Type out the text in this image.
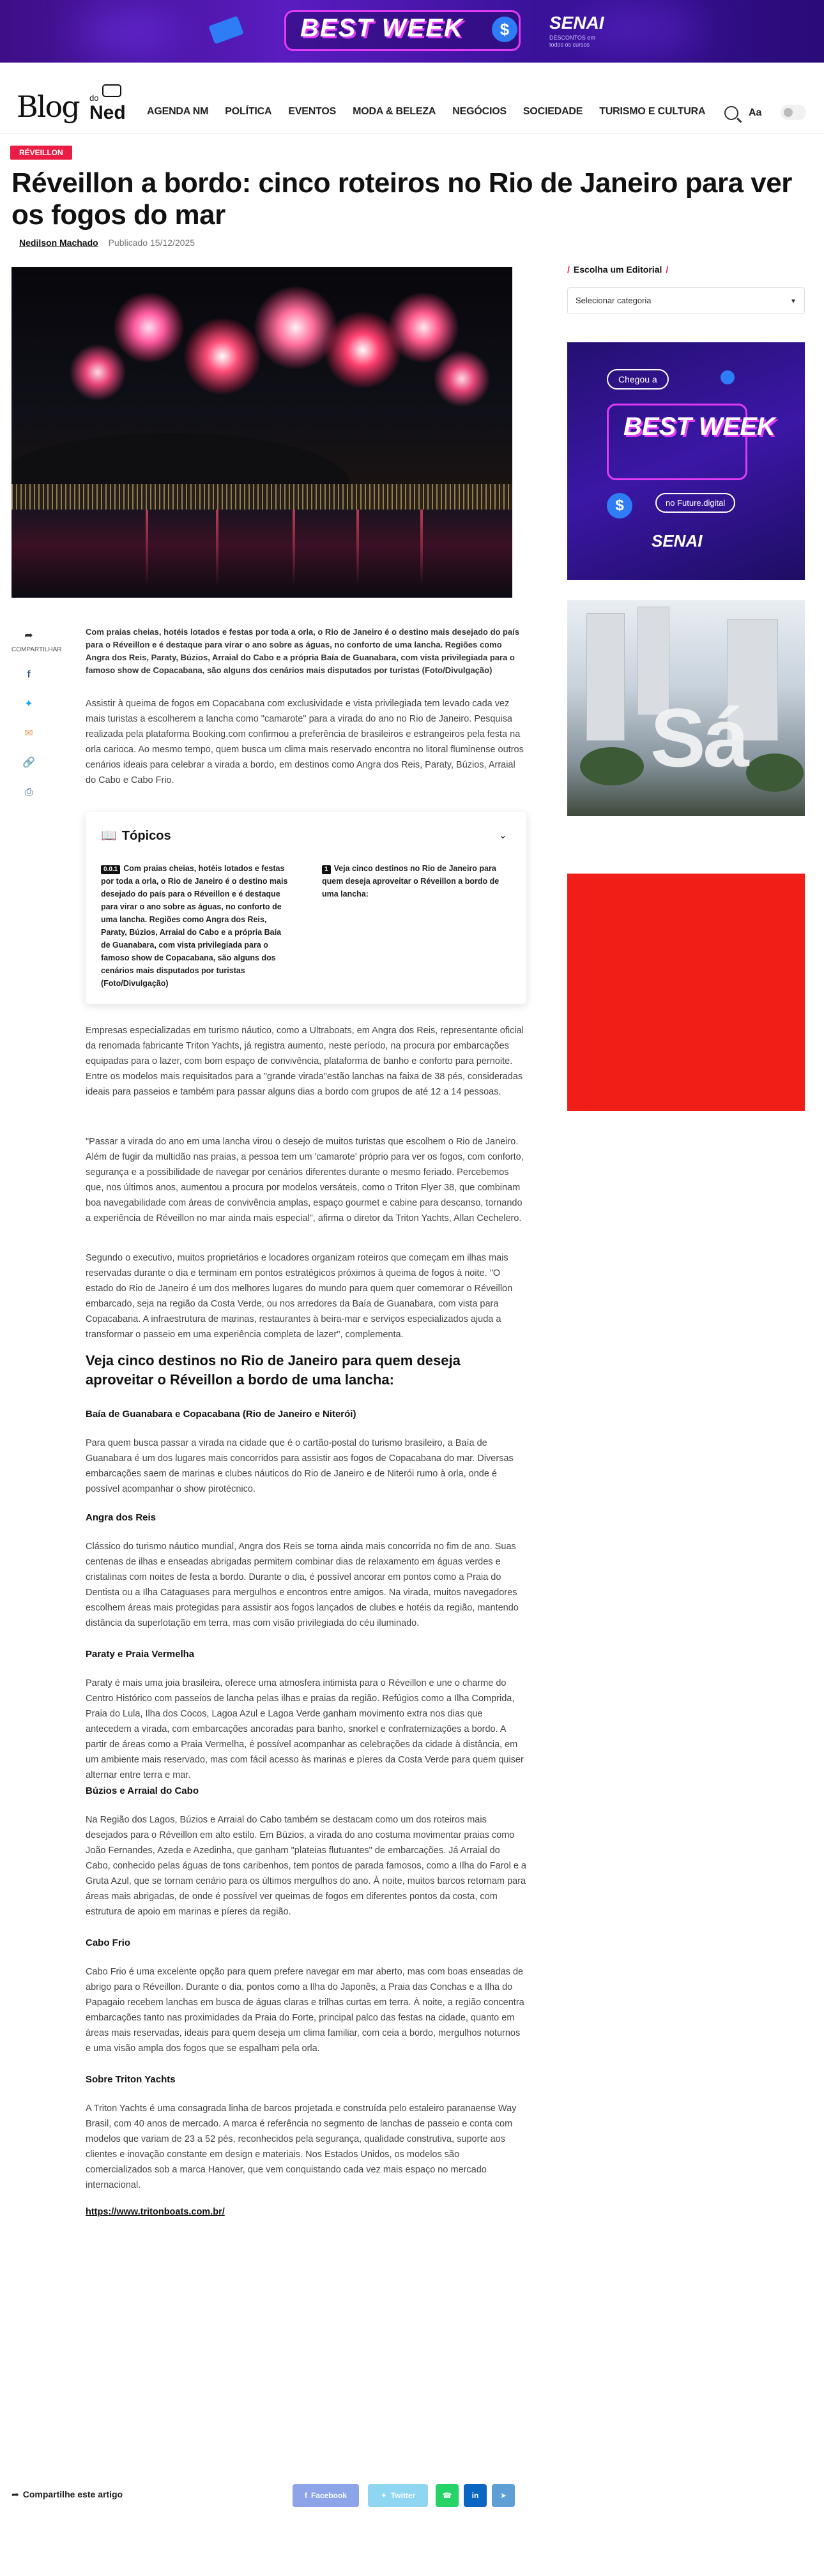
BEST WEEK	$	SENAI
DESCONTOS em todos os cursos
Blog do
Ned AGENDA NM POLÍTICA EVENTOS MODA & BELEZA NEGÓCIOS SOCIEDADE TURISMO E CULTURA	Aa
RÉVEILLON
Réveillon a bordo: cinco roteiros no Rio de Janeiro para ver os fogos do mar
Nedilson Machado Publicado 15/12/2025
➦
COMPARTILHAR
f
✦
✉
🔗
⎙

Com praias cheias, hotéis lotados e festas por toda a orla, o Rio de Janeiro é o destino mais desejado do país para o Réveillon e é destaque para virar o ano sobre as águas, no conforto de uma lancha. Regiões como Angra dos Reis, Paraty, Búzios, Arraial do Cabo e a própria Baía de Guanabara, com vista privilegiada para o famoso show de Copacabana, são alguns dos cenários mais disputados por turistas (Foto/Divulgação)

Assistir à queima de fogos em Copacabana com exclusividade e vista privilegiada tem levado cada vez mais turistas a escolherem a lancha como "camarote" para a virada do ano no Rio de Janeiro. Pesquisa realizada pela plataforma Booking.com confirmou a preferência de brasileiros e estrangeiros pela festa na orla carioca. Ao mesmo tempo, quem busca um clima mais reservado encontra no litoral fluminense outros cenários ideais para celebrar a virada a bordo, em destinos como Angra dos Reis, Paraty, Búzios, Arraial do Cabo e Cabo Frio.

📖 Tópicos	⌄
0.0.1 Com praias cheias, hotéis lotados e festas por toda a orla, o Rio de Janeiro é o destino mais desejado do país para o Réveillon e é destaque para virar o ano sobre as águas, no conforto de uma lancha. Regiões como Angra dos Reis, Paraty, Búzios, Arraial do Cabo e a própria Baía de Guanabara, com vista privilegiada para o famoso show de Copacabana, são alguns dos cenários mais disputados por turistas (Foto/Divulgação)
1 Veja cinco destinos no Rio de Janeiro para quem deseja aproveitar o Réveillon a bordo de uma lancha:

Empresas especializadas em turismo náutico, como a Ultraboats, em Angra dos Reis, representante oficial da renomada fabricante Triton Yachts, já registra aumento, neste período, na procura por embarcações equipadas para o lazer, com bom espaço de convivência, plataforma de banho e conforto para pernoite. Entre os modelos mais requisitados para a "grande virada"estão lanchas na faixa de 38 pés, consideradas ideais para passeios e também para passar alguns dias a bordo com grupos de até 12 a 14 pessoas.

"Passar a virada do ano em uma lancha virou o desejo de muitos turistas que escolhem o Rio de Janeiro. Além de fugir da multidão nas praias, a pessoa tem um 'camarote' próprio para ver os fogos, com conforto, segurança e a possibilidade de navegar por cenários diferentes durante o mesmo feriado. Percebemos que, nos últimos anos, aumentou a procura por modelos versáteis, como o Triton Flyer 38, que combinam boa navegabilidade com áreas de convivência amplas, espaço gourmet e cabine para descanso, tornando a experiência de Réveillon no mar ainda mais especial", afirma o diretor da Triton Yachts, Allan Cechelero.

Segundo o executivo, muitos proprietários e locadores organizam roteiros que começam em ilhas mais reservadas durante o dia e terminam em pontos estratégicos próximos à queima de fogos à noite. "O estado do Rio de Janeiro é um dos melhores lugares do mundo para quem quer comemorar o Réveillon embarcado, seja na região da Costa Verde, ou nos arredores da Baía de Guanabara, com vista para Copacabana. A infraestrutura de marinas, restaurantes à beira-mar e serviços especializados ajuda a transformar o passeio em uma experiência completa de lazer", complementa.

Veja cinco destinos no Rio de Janeiro para quem deseja aproveitar o Réveillon a bordo de uma lancha:
Baía de Guanabara e Copacabana (Rio de Janeiro e Niterói)

Para quem busca passar a virada na cidade que é o cartão-postal do turismo brasileiro, a Baía de Guanabara é um dos lugares mais concorridos para assistir aos fogos de Copacabana do mar. Diversas embarcações saem de marinas e clubes náuticos do Rio de Janeiro e de Niterói rumo à orla, onde é possível acompanhar o show pirotécnico.

Angra dos Reis

Clássico do turismo náutico mundial, Angra dos Reis se torna ainda mais concorrida no fim de ano. Suas centenas de ilhas e enseadas abrigadas permitem combinar dias de relaxamento em águas verdes e cristalinas com noites de festa a bordo. Durante o dia, é possível ancorar em pontos como a Praia do Dentista ou a Ilha Cataguases para mergulhos e encontros entre amigos. Na virada, muitos navegadores escolhem áreas mais protegidas para assistir aos fogos lançados de clubes e hotéis da região, mantendo distância da superlotação em terra, mas com visão privilegiada do céu iluminado.

Paraty e Praia Vermelha

Paraty é mais uma joia brasileira, oferece uma atmosfera intimista para o Réveillon e une o charme do Centro Histórico com passeios de lancha pelas ilhas e praias da região. Refúgios como a Ilha Comprida, Praia do Lula, Ilha dos Cocos, Lagoa Azul e Lagoa Verde ganham movimento extra nos dias que antecedem a virada, com embarcações ancoradas para banho, snorkel e confraternizações a bordo. A partir de áreas como a Praia Vermelha, é possível acompanhar as celebrações da cidade à distância, em um ambiente mais reservado, mas com fácil acesso às marinas e píeres da Costa Verde para quem quiser alternar entre terra e mar.

Búzios e Arraial do Cabo

Na Região dos Lagos, Búzios e Arraial do Cabo também se destacam como um dos roteiros mais desejados para o Réveillon em alto estilo. Em Búzios, a virada do ano costuma movimentar praias como João Fernandes, Azeda e Azedinha, que ganham "plateias flutuantes" de embarcações. Já Arraial do Cabo, conhecido pelas águas de tons caribenhos, tem pontos de parada famosos, como a Ilha do Farol e a Gruta Azul, que se tornam cenário para os últimos mergulhos do ano. À noite, muitos barcos retornam para áreas mais abrigadas, de onde é possível ver queimas de fogos em diferentes pontos da costa, com estrutura de apoio em marinas e píeres da região.

Cabo Frio

Cabo Frio é uma excelente opção para quem prefere navegar em mar aberto, mas com boas enseadas de abrigo para o Réveillon. Durante o dia, pontos como a Ilha do Japonês, a Praia das Conchas e a Ilha do Papagaio recebem lanchas em busca de águas claras e trilhas curtas em terra. À noite, a região concentra embarcações tanto nas proximidades da Praia do Forte, principal palco das festas na cidade, quanto em áreas mais reservadas, ideais para quem deseja um clima familiar, com ceia a bordo, mergulhos noturnos e uma visão ampla dos fogos que se espalham pela orla.

Sobre Triton Yachts

A Triton Yachts é uma consagrada linha de barcos projetada e construída pelo estaleiro paranaense Way Brasil, com 40 anos de mercado. A marca é referência no segmento de lanchas de passeio e conta com modelos que variam de 23 a 52 pés, reconhecidos pela segurança, qualidade construtiva, suporte aos clientes e inovação constante em design e materiais. Nos Estados Unidos, os modelos são comercializados sob a marca Hanover, que vem conquistando cada vez mais espaço no mercado internacional.

https://www.tritonboats.com.br/
/ Escolha um Editorial /
Selecionar categoria	▾
Chegou a
BEST WEEK
$	no Future.digital
SENAI
Sá
➦ Compartilhe este artigo	f Facebook	✦ Twitter	☎	in	➤
